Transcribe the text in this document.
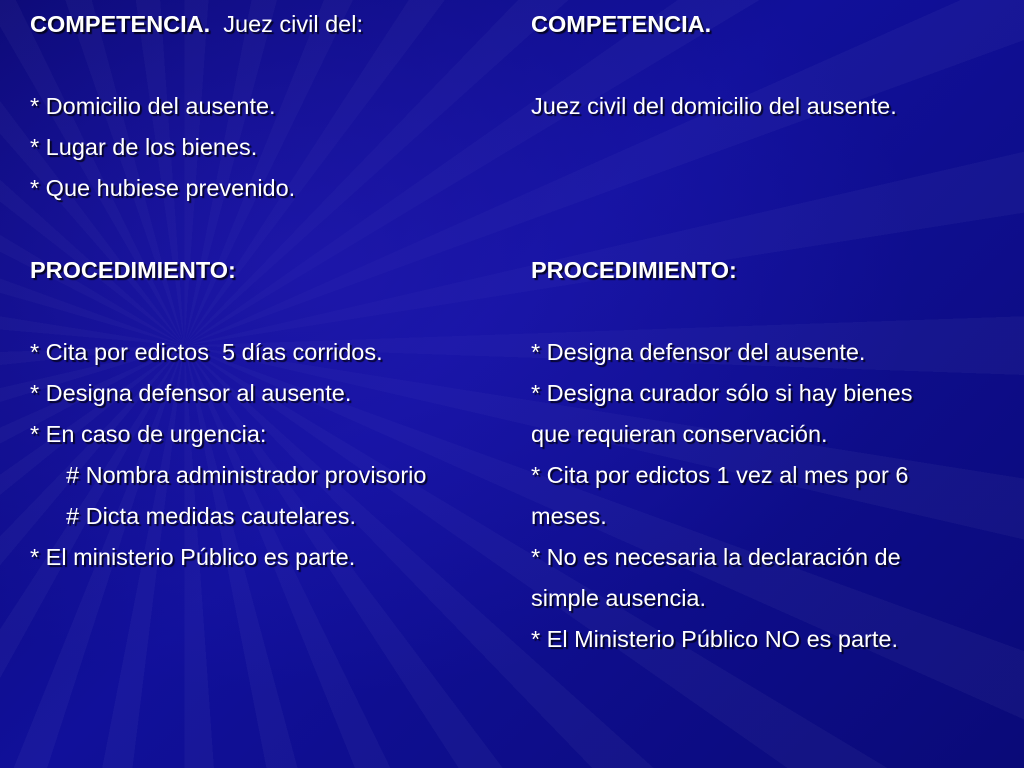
COMPETENCIA.  Juez civil del:
* Domicilio del ausente.
* Lugar de los bienes.
* Que hubiese prevenido.
PROCEDIMIENTO:
* Cita por edictos  5 días corridos.
* Designa defensor al ausente.
* En caso de urgencia:
# Nombra administrador provisorio
# Dicta medidas cautelares.
* El ministerio Público es parte.
COMPETENCIA.
Juez civil del domicilio del ausente.
PROCEDIMIENTO:
* Designa defensor del ausente.
* Designa curador sólo si hay bienes
que requieran conservación.
* Cita por edictos 1 vez al mes por 6
meses.
* No es necesaria la declaración de
simple ausencia.
* El Ministerio Público NO es parte.
